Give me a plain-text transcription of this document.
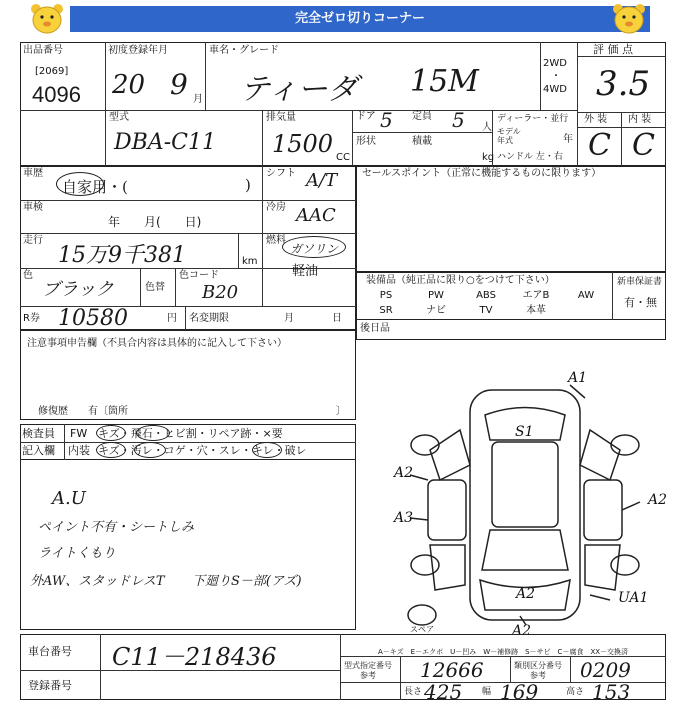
完全ゼロ切りコーナー
出品番号
[2069]
4096
初度登録年月
20 9 月
車名・グレード
ティーダ 15M
2WD
・
4WD
評 価 点
3.5
外 装 内 装
C C
型式
DBA-C11
排気量
1500 CC
ドア 5 定員 5 人
形状	積載
kg
ディーラー・並行
モデル年式	年
ハンドル 左・右
車歴
自家用・(	)
シフト A/T
車検
年　　月(　　日)
冷房 AAC
走行
15万9千381	km
燃料
ガソリン
軽油
色
ブラック	色替
色コード
B20
R券 10580	円 名変期限	月	日
セールスポイント（正常に機能するものに限ります）
装備品（純正品に限り○をつけて下さい）	新車保証書
有・無
PS	PW	ABS	エアB	AW
SR	ナビ	TV	本革
後日品
注意事項申告欄（不具合内容は具体的に記入して下さい）
修復歴　　有〔箇所	〕
検査員
記入欄
FW キズ・飛石・ヒビ割・リペア跡・×要
内装 キズ・汚レ・コゲ・穴・スレ・キレ・破レ
A.U
ペイント不有・シートしみ
ライトくもり
外AW、スタッドレスT 下廻りS－部(アズ)
A1
S1
A2
A3
A2
A2
A2
UA1
スペア
車台番号 C11－218436
登録番号
A－キズ　E－エクボ　U－凹み　W－補修跡　S－サビ　C－腐食　XX－交換済
型式指定番号
参考 12666	類別区分番号
参考 0209
長さ 425 幅 169	高さ 153
